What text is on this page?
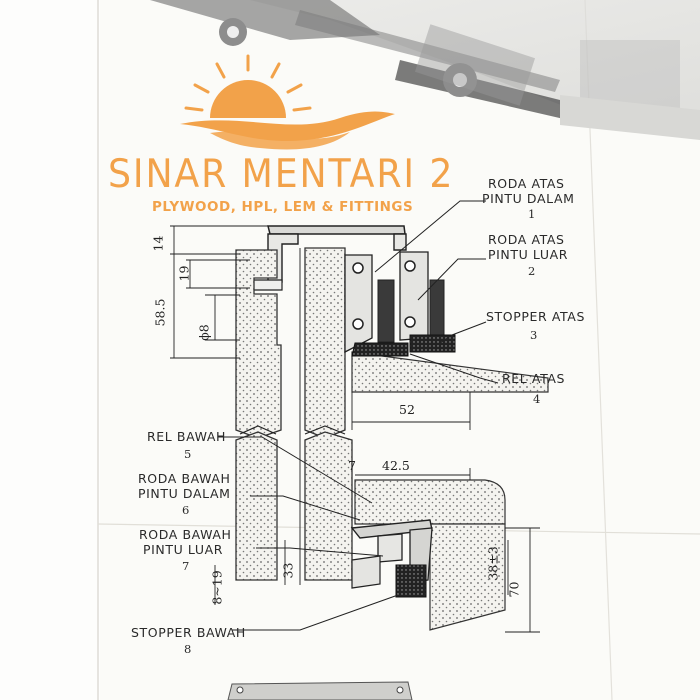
SINAR MENTARI 2
PLYWOOD, HPL, LEM & FITTINGS
RODA ATAS
PINTU DALAM
1
RODA ATAS
PINTU LUAR
2
STOPPER ATAS
3
REL ATAS
4
REL BAWAH
5
RODA BAWAH
PINTU DALAM
6
RODA BAWAH
PINTU LUAR
7
STOPPER BAWAH
8
14
19
58.5
ϕ8
52
7 42.5
38±3
70
33
8~19
